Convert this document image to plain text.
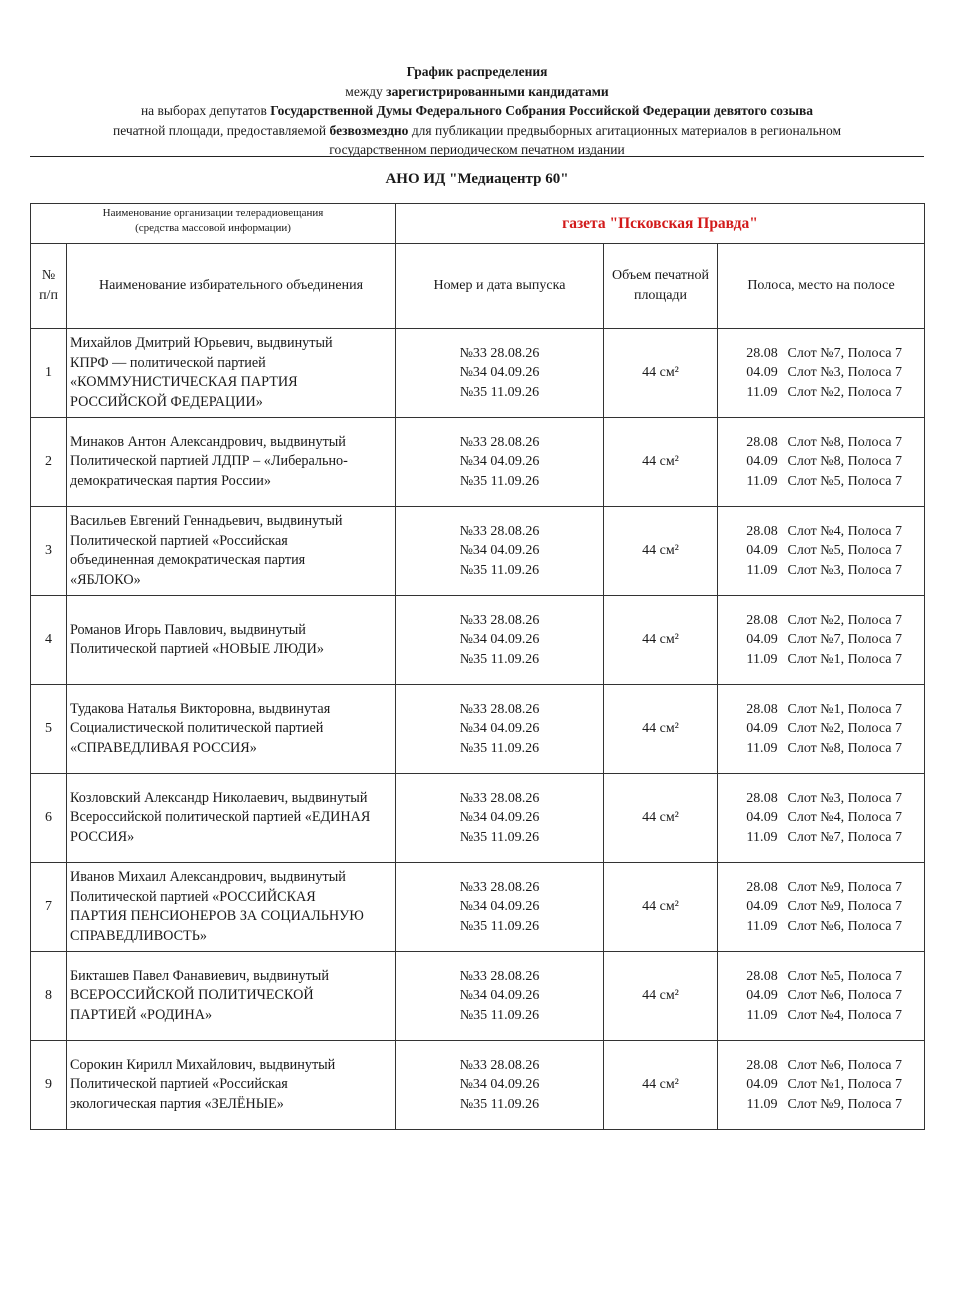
График распределения
между зарегистрированными кандидатами
на выборах депутатов Государственной Думы Федерального Собрания Российской Федерации девятого созыва
печатной площади, предоставляемой безвозмездно для публикации предвыборных агитационных материалов в региональном
государственном периодическом печатном издании
АНО ИД "Медиацентр 60"
Наименование организации телерадиовещания
(средства массовой информации)		газета "Псковская Правда"		

№
п/п	Наименование избирательного объединения	Номер и дата выпуска	Объем печатной
площади	Полоса, место на полосе
1	Михайлов Дмитрий Юрьевич, выдвинутый
КПРФ — политической партией
«КОММУНИСТИЧЕСКАЯ ПАРТИЯ
РОССИЙСКОЙ ФЕДЕРАЦИИ»	№33 28.08.26
№34 04.09.26
№35 11.09.26	44 см²	28.08 Слот №7, Полоса 7
04.09 Слот №3, Полоса 7
11.09 Слот №2, Полоса 7

2	Минаков Антон Александрович, выдвинутый
Политической партией ЛДПР – «Либерально-
демократическая партия России»	№33 28.08.26
№34 04.09.26
№35 11.09.26	44 см²	28.08 Слот №8, Полоса 7
04.09 Слот №8, Полоса 7
11.09 Слот №5, Полоса 7

3	Васильев Евгений Геннадьевич, выдвинутый
Политической партией «Российская
объединенная демократическая партия
«ЯБЛОКО»	№33 28.08.26
№34 04.09.26
№35 11.09.26	44 см²	28.08 Слот №4, Полоса 7
04.09 Слот №5, Полоса 7
11.09 Слот №3, Полоса 7

4	Романов Игорь Павлович, выдвинутый
Политической партией «НОВЫЕ ЛЮДИ»	№33 28.08.26
№34 04.09.26
№35 11.09.26	44 см²	28.08 Слот №2, Полоса 7
04.09 Слот №7, Полоса 7
11.09 Слот №1, Полоса 7

5	Тудакова Наталья Викторовна, выдвинутая
Социалистической политической партией
«СПРАВЕДЛИВАЯ РОССИЯ»	№33 28.08.26
№34 04.09.26
№35 11.09.26	44 см²	28.08 Слот №1, Полоса 7
04.09 Слот №2, Полоса 7
11.09 Слот №8, Полоса 7

6	Козловский Александр Николаевич, выдвинутый
Всероссийской политической партией «ЕДИНАЯ
РОССИЯ»	№33 28.08.26
№34 04.09.26
№35 11.09.26	44 см²	28.08 Слот №3, Полоса 7
04.09 Слот №4, Полоса 7
11.09 Слот №7, Полоса 7

7	Иванов Михаил Александрович, выдвинутый
Политической партией «РОССИЙСКАЯ
ПАРТИЯ ПЕНСИОНЕРОВ ЗА СОЦИАЛЬНУЮ
СПРАВЕДЛИВОСТЬ»	№33 28.08.26
№34 04.09.26
№35 11.09.26	44 см²	28.08 Слот №9, Полоса 7
04.09 Слот №9, Полоса 7
11.09 Слот №6, Полоса 7

8	Бикташев Павел Фанавиевич, выдвинутый
ВСЕРОССИЙСКОЙ ПОЛИТИЧЕСКОЙ
ПАРТИЕЙ «РОДИНА»	№33 28.08.26
№34 04.09.26
№35 11.09.26	44 см²	28.08 Слот №5, Полоса 7
04.09 Слот №6, Полоса 7
11.09 Слот №4, Полоса 7

9	Сорокин Кирилл Михайлович, выдвинутый
Политической партией «Российская
экологическая партия «ЗЕЛЁНЫЕ»	№33 28.08.26
№34 04.09.26
№35 11.09.26	44 см²	28.08 Слот №6, Полоса 7
04.09 Слот №1, Полоса 7
11.09 Слот №9, Полоса 7
